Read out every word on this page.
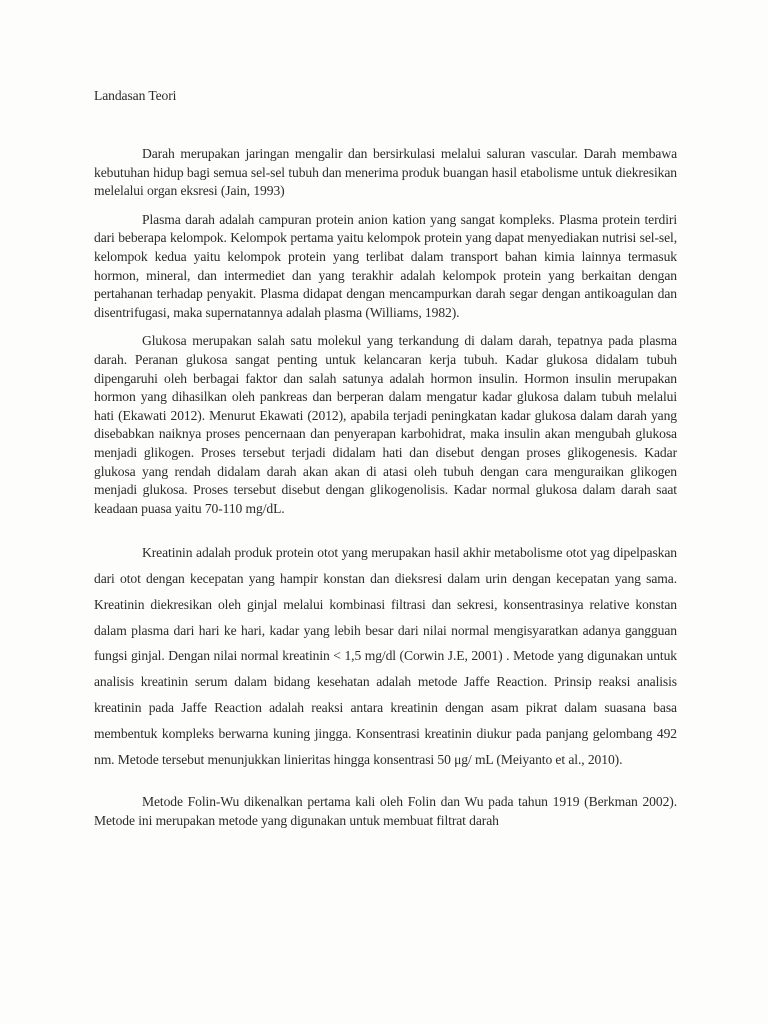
Landasan Teori

Darah merupakan jaringan mengalir dan bersirkulasi melalui saluran vascular. Darah membawa kebutuhan hidup bagi semua sel-sel tubuh dan menerima produk buangan hasil etabolisme untuk diekresikan melelalui organ eksresi (Jain, 1993)

Plasma darah adalah campuran protein anion kation yang sangat kompleks. Plasma protein terdiri dari beberapa kelompok. Kelompok pertama yaitu kelompok protein yang dapat menyediakan nutrisi sel-sel, kelompok kedua yaitu kelompok protein yang terlibat dalam transport bahan kimia lainnya termasuk hormon, mineral, dan intermediet dan yang terakhir adalah kelompok protein yang berkaitan dengan pertahanan terhadap penyakit. Plasma didapat dengan mencampurkan darah segar dengan antikoagulan dan disentrifugasi, maka supernatannya adalah plasma (Williams, 1982).

Glukosa merupakan salah satu molekul yang terkandung di dalam darah, tepatnya pada plasma darah. Peranan glukosa sangat penting untuk kelancaran kerja tubuh. Kadar glukosa didalam tubuh dipengaruhi oleh berbagai faktor dan salah satunya adalah hormon insulin. Hormon insulin merupakan hormon yang dihasilkan oleh pankreas dan berperan dalam mengatur kadar glukosa dalam tubuh melalui hati (Ekawati 2012). Menurut Ekawati (2012), apabila terjadi peningkatan kadar glukosa dalam darah yang disebabkan naiknya proses pencernaan dan penyerapan karbohidrat, maka insulin akan mengubah glukosa menjadi glikogen. Proses tersebut terjadi didalam hati dan disebut dengan proses glikogenesis. Kadar glukosa yang rendah didalam darah akan akan di atasi oleh tubuh dengan cara menguraikan glikogen menjadi glukosa. Proses tersebut disebut dengan glikogenolisis. Kadar normal glukosa dalam darah saat keadaan puasa yaitu 70-110 mg/dL.

Kreatinin adalah produk protein otot yang merupakan hasil akhir metabolisme otot yag dipelpaskan dari otot dengan kecepatan yang hampir konstan dan dieksresi dalam urin dengan kecepatan yang sama. Kreatinin diekresikan oleh ginjal melalui kombinasi filtrasi dan sekresi, konsentrasinya relative konstan dalam plasma dari hari ke hari, kadar yang lebih besar dari nilai normal mengisyaratkan adanya gangguan fungsi ginjal. Dengan nilai normal kreatinin < 1,5 mg/dl (Corwin J.E, 2001) . Metode yang digunakan untuk analisis kreatinin serum dalam bidang kesehatan adalah metode Jaffe Reaction. Prinsip reaksi analisis kreatinin pada Jaffe Reaction adalah reaksi antara kreatinin dengan asam pikrat dalam suasana basa membentuk kompleks berwarna kuning jingga. Konsentrasi kreatinin diukur pada panjang gelombang 492 nm. Metode tersebut menunjukkan linieritas hingga konsentrasi 50 μg/ mL (Meiyanto et al., 2010).

Metode Folin-Wu dikenalkan pertama kali oleh Folin dan Wu pada tahun 1919 (Berkman 2002). Metode ini merupakan metode yang digunakan untuk membuat filtrat darah
